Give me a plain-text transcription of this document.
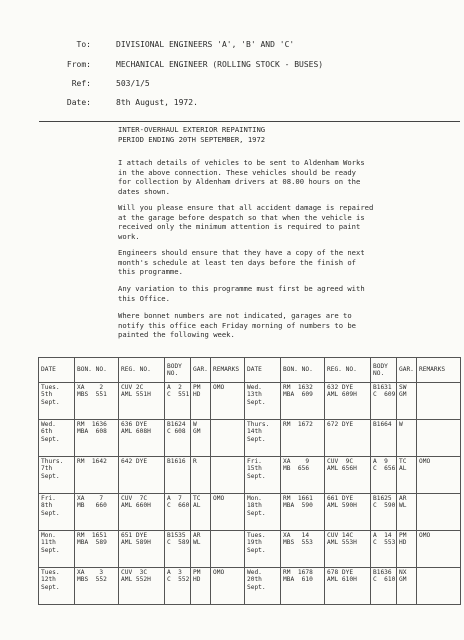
To:	DIVISIONAL ENGINEERS 'A', 'B' AND 'C'
From:	MECHANICAL ENGINEER (ROLLING STOCK - BUSES)
Ref:	503/1/5
Date:	8th August, 1972.
INTER-OVERHAUL EXTERIOR REPAINTING
PERIOD ENDING 20TH SEPTEMBER, 1972
I attach details of vehicles to be sent to Aldenham Works
in the above connection. These vehicles should be ready
for collection by Aldenham drivers at 08.00 hours on the
dates shown.
Will you please ensure that all accident damage is repaired
at the garage before despatch so that when the vehicle is
received only the minimum attention is required to paint
work.
Engineers should ensure that they have a copy of the next
month's schedule at least ten days before the finish of
this programme.
Any variation to this programme must first be agreed with
this Office.
Where bonnet numbers are not indicated, garages are to
notify this office each Friday morning of numbers to be
painted the following week.
DATE	BON. NO.	REG. NO.	BODY NO.	GAR.	REMARKS	DATE	BON. NO.	REG. NO.	BODY NO.	GAR.	REMARKS
Tues.
5th
Sept.	XA    2
MBS  551	CUV 2C
AML 551H	A  2
C  551	PM
HD	OMO	Wed.
13th
Sept.	RM  1632
MBA  609	632 DYE
AML 609H	B1631
C  609	SW
GM	
Wed.
6th
Sept.	RM  1636
MBA  608	636 DYE
AML 608H	B1624
C 608	W
GM		Thurs.
14th
Sept.	RM  1672	672 DYE	B1664	W	
Thurs.
7th
Sept.	RM  1642	642 DYE	B1616	R		Fri.
15th
Sept.	XA    9
MB  656	CUV  9C
AML 656H	A  9
C  656	TC
AL	OMO
Fri.
8th
Sept.	XA    7
MB   660	CUV  7C
AML 660H	A  7
C  660	TC
AL	OMO	Mon.
18th
Sept.	RM  1661
MBA  590	661 DYE
AML 590H	B1625
C  590	AR
WL	
Mon.
11th
Sept.	RM  1651
MBA  589	651 DYE
AML 589H	B1535
C  589	AR
WL		Tues.
19th
Sept.	XA   14
MBS  553	CUV 14C
AML 553H	A  14
C  553	PM
HD	OMO
Tues.
12th
Sept.	XA    3
MBS  552	CUV  3C
AML 552H	A  3
C  552	PM
HD	OMO	Wed.
20th
Sept.	RM  1678
MBA  610	678 DYE
AML 610H	B1636
C  610	NX
GM	
